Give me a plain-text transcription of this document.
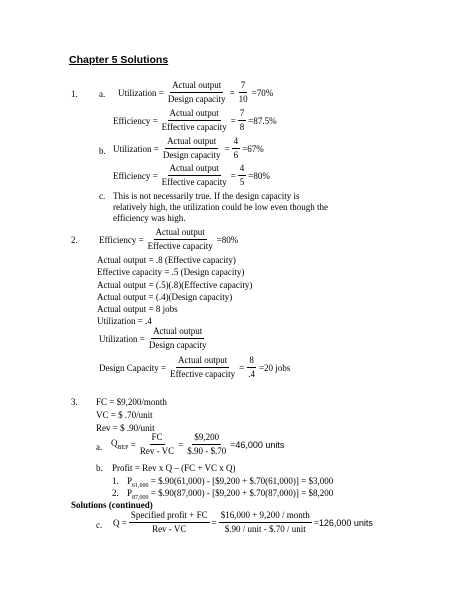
Chapter 5 Solutions
1. a. Utilization = $\frac{\text{Actual output}}{\text{Design capacity}} = \frac{7}{10} = 70\%$
Efficiency = $\frac{\text{Actual output}}{\text{Effective capacity}} = \frac{7}{8} = 87.5\%$
b. Utilization = $\frac{\text{Actual output}}{\text{Design capacity}} = \frac{4}{6} = 67\%$
Efficiency = $\frac{\text{Actual output}}{\text{Effective capacity}} = \frac{4}{5} = 80\%$
c. This is not necessarily true. If the design capacity is relatively high, the utilization could be low even though the efficiency was high.
2. Efficiency = $\frac{\text{Actual output}}{\text{Effective capacity}} = 80\%$
Actual output = .8 (Effective capacity)
Effective capacity = .5 (Design capacity)
Actual output = (.5)(.8)(Effective capacity)
Actual output = (.4)(Design capacity)
Actual output = 8 jobs
Utilization = .4
Utilization = $\frac{\text{Actual output}}{\text{Design capacity}}$
Design Capacity = $\frac{\text{Actual output}}{\text{Effective capacity}} = \frac{8}{.4} = 20$ jobs
3. FC = $9,200/month
VC = $ .70/unit
Rev = $ .90/unit
a. $Q_{BEP} = \frac{FC}{\text{Rev - VC}} = \frac{\$9,200}{\$.90 - \$.70} = 46,000$ units
b. Profit = Rev x Q – (FC + VC x Q)
1. $P_{61,000}$ = $.90(61,000) - [$9,200 + $.70(61,000)] = $3,000
2. $P_{87,000}$ = $.90(87,000) - [$9,200 + $.70(87,000)] = $8,200
Solutions (continued)
c. $Q = \frac{\text{Specified profit + FC}}{\text{Rev - VC}} = \frac{\text{\$16,000 + 9,200 / month}}{\text{\$.90 / unit - \$.70 / unit}} = 126,000$ units
